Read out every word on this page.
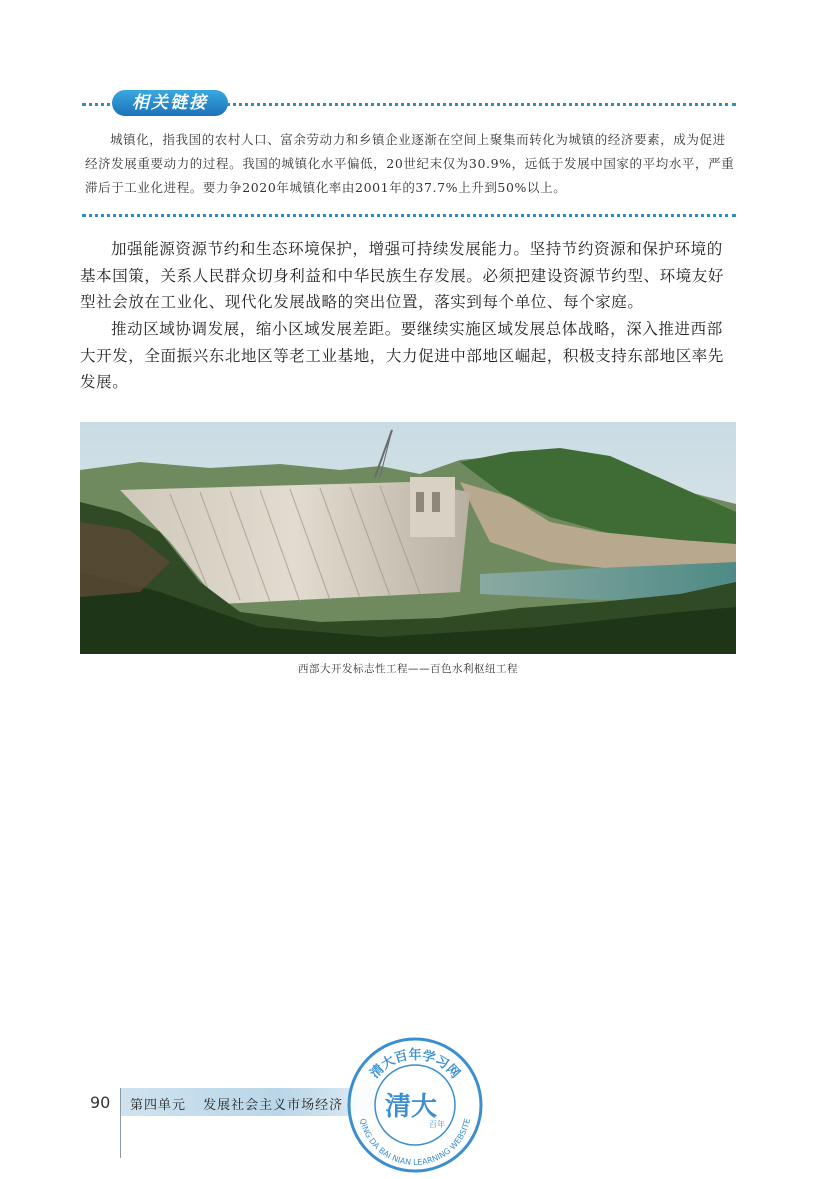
相关链接

城镇化，指我国的农村人口、富余劳动力和乡镇企业逐渐在空间上聚集而转化为城镇的经济要素，成为促进经济发展重要动力的过程。我国的城镇化水平偏低，20世纪末仅为30.9%，远低于发展中国家的平均水平，严重滞后于工业化进程。要力争2020年城镇化率由2001年的37.7%上升到50%以上。

加强能源资源节约和生态环境保护，增强可持续发展能力。坚持节约资源和保护环境的基本国策，关系人民群众切身利益和中华民族生存发展。必须把建设资源节约型、环境友好型社会放在工业化、现代化发展战略的突出位置，落实到每个单位、每个家庭。

推动区域协调发展，缩小区域发展差距。要继续实施区域发展总体战略，深入推进西部大开发，全面振兴东北地区等老工业基地，大力促进中部地区崛起，积极支持东部地区率先发展。

西部大开发标志性工程——百色水利枢纽工程
90 第四单元 发展社会主义市场经济
清大百年学习网
QING DA BAI NIAN LEARNING WEBSITE
清大
百年
